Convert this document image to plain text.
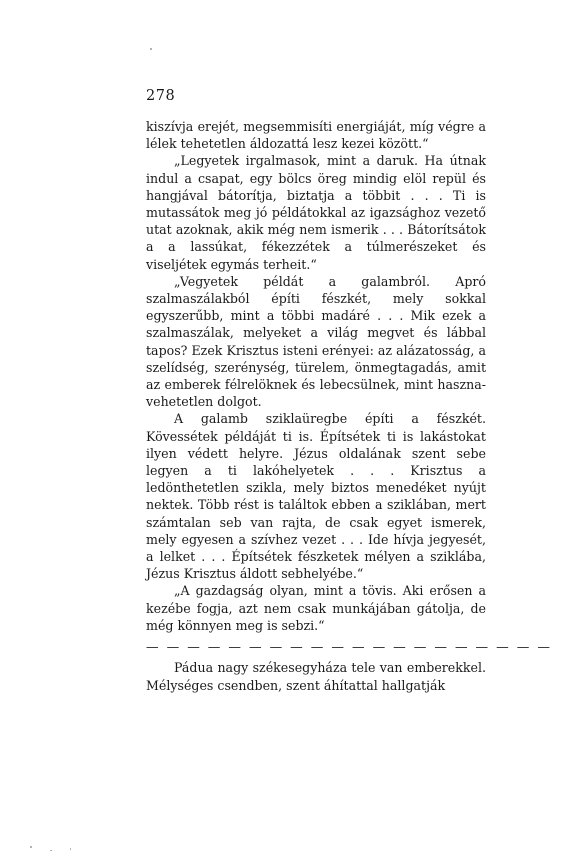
278

kiszívja erejét, megsemmisíti energiáját, míg végre a lélek tehetetlen áldozattá lesz kezei között.“

„Legyetek irgalmasok, mint a daruk. Ha útnak indul a csapat, egy bölcs öreg mindig elöl repül és hangjával bátorítja, biztatja a többit . . . Ti is mutassátok meg jó példátokkal az igazsághoz vezető utat azoknak, akik még nem ismerik . . . Bátorítsátok a a lassúkat, fékezzétek a túlmerészeket és viseljétek egymás terheit.“

„Vegyetek példát a galambról. Apró szalmaszálakból építi fészkét, mely sokkal egyszerűbb, mint a többi madáré . . . Mik ezek a szalmaszálak, melyeket a világ megvet és lábbal tapos? Ezek Krisztus isteni erényei: az alázatosság, a szelídség, szerénység, türelem, önmegtagadás, amit az emberek félrelöknek és lebecsülnek, mint hasznavehetetlen dolgot.

A galamb sziklaüregbe építi a fészkét. Kövessétek példáját ti is. Építsétek ti is lakástokat ilyen védett helyre. Jézus oldalának szent sebe legyen a ti lakóhelyetek . . . Krisztus a ledönthetetlen szikla, mely biztos menedéket nyújt nektek. Több rést is találtok ebben a sziklában, mert számtalan seb van rajta, de csak egyet ismerek, mely egyesen a szívhez vezet . . . Ide hívja jegyesét, a lelket . . . Építsétek fészketek mélyen a sziklába, Jézus Krisztus áldott sebhelyébe.“

„A gazdagság olyan, mint a tövis. Aki erősen a kezébe fogja, azt nem csak munkájában gátolja, de még könnyen meg is sebzi.“

— — — — — — — — — — — — — — — — — — — —

Pádua nagy székesegyháza tele van emberekkel. Mélységes csendben, szent áhítattal hallgatják
